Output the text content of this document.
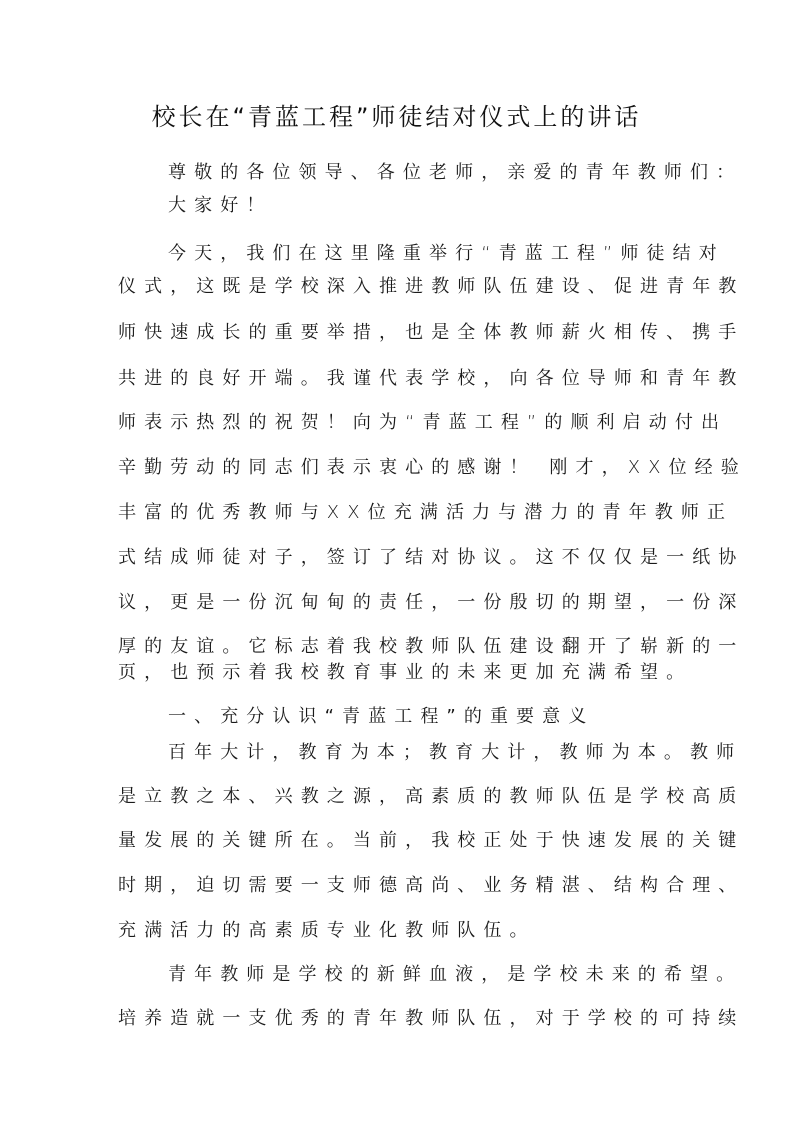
校长在“青蓝工程”师徒结对仪式上的讲话
尊敬的各位领导、各位老师，亲爱的青年教师们：
大家好！
今天，我们在这里隆重举行“青蓝工程”师徒结对
仪式，这既是学校深入推进教师队伍建设、促进青年教
师快速成长的重要举措，也是全体教师薪火相传、携手
共进的良好开端。我谨代表学校，向各位导师和青年教
师表示热烈的祝贺！向为“青蓝工程”的顺利启动付出
辛勤劳动的同志们表示衷心的感谢！ 刚才，XX位经验
丰富的优秀教师与XX位充满活力与潜力的青年教师正
式结成师徒对子，签订了结对协议。这不仅仅是一纸协
议，更是一份沉甸甸的责任，一份殷切的期望，一份深
厚的友谊。它标志着我校教师队伍建设翻开了崭新的一
页，也预示着我校教育事业的未来更加充满希望。
一、充分认识“青蓝工程”的重要意义
百年大计，教育为本；教育大计，教师为本。教师
是立教之本、兴教之源，高素质的教师队伍是学校高质
量发展的关键所在。当前，我校正处于快速发展的关键
时期，迫切需要一支师德高尚、业务精湛、结构合理、
充满活力的高素质专业化教师队伍。
青年教师是学校的新鲜血液，是学校未来的希望。
培养造就一支优秀的青年教师队伍，对于学校的可持续
